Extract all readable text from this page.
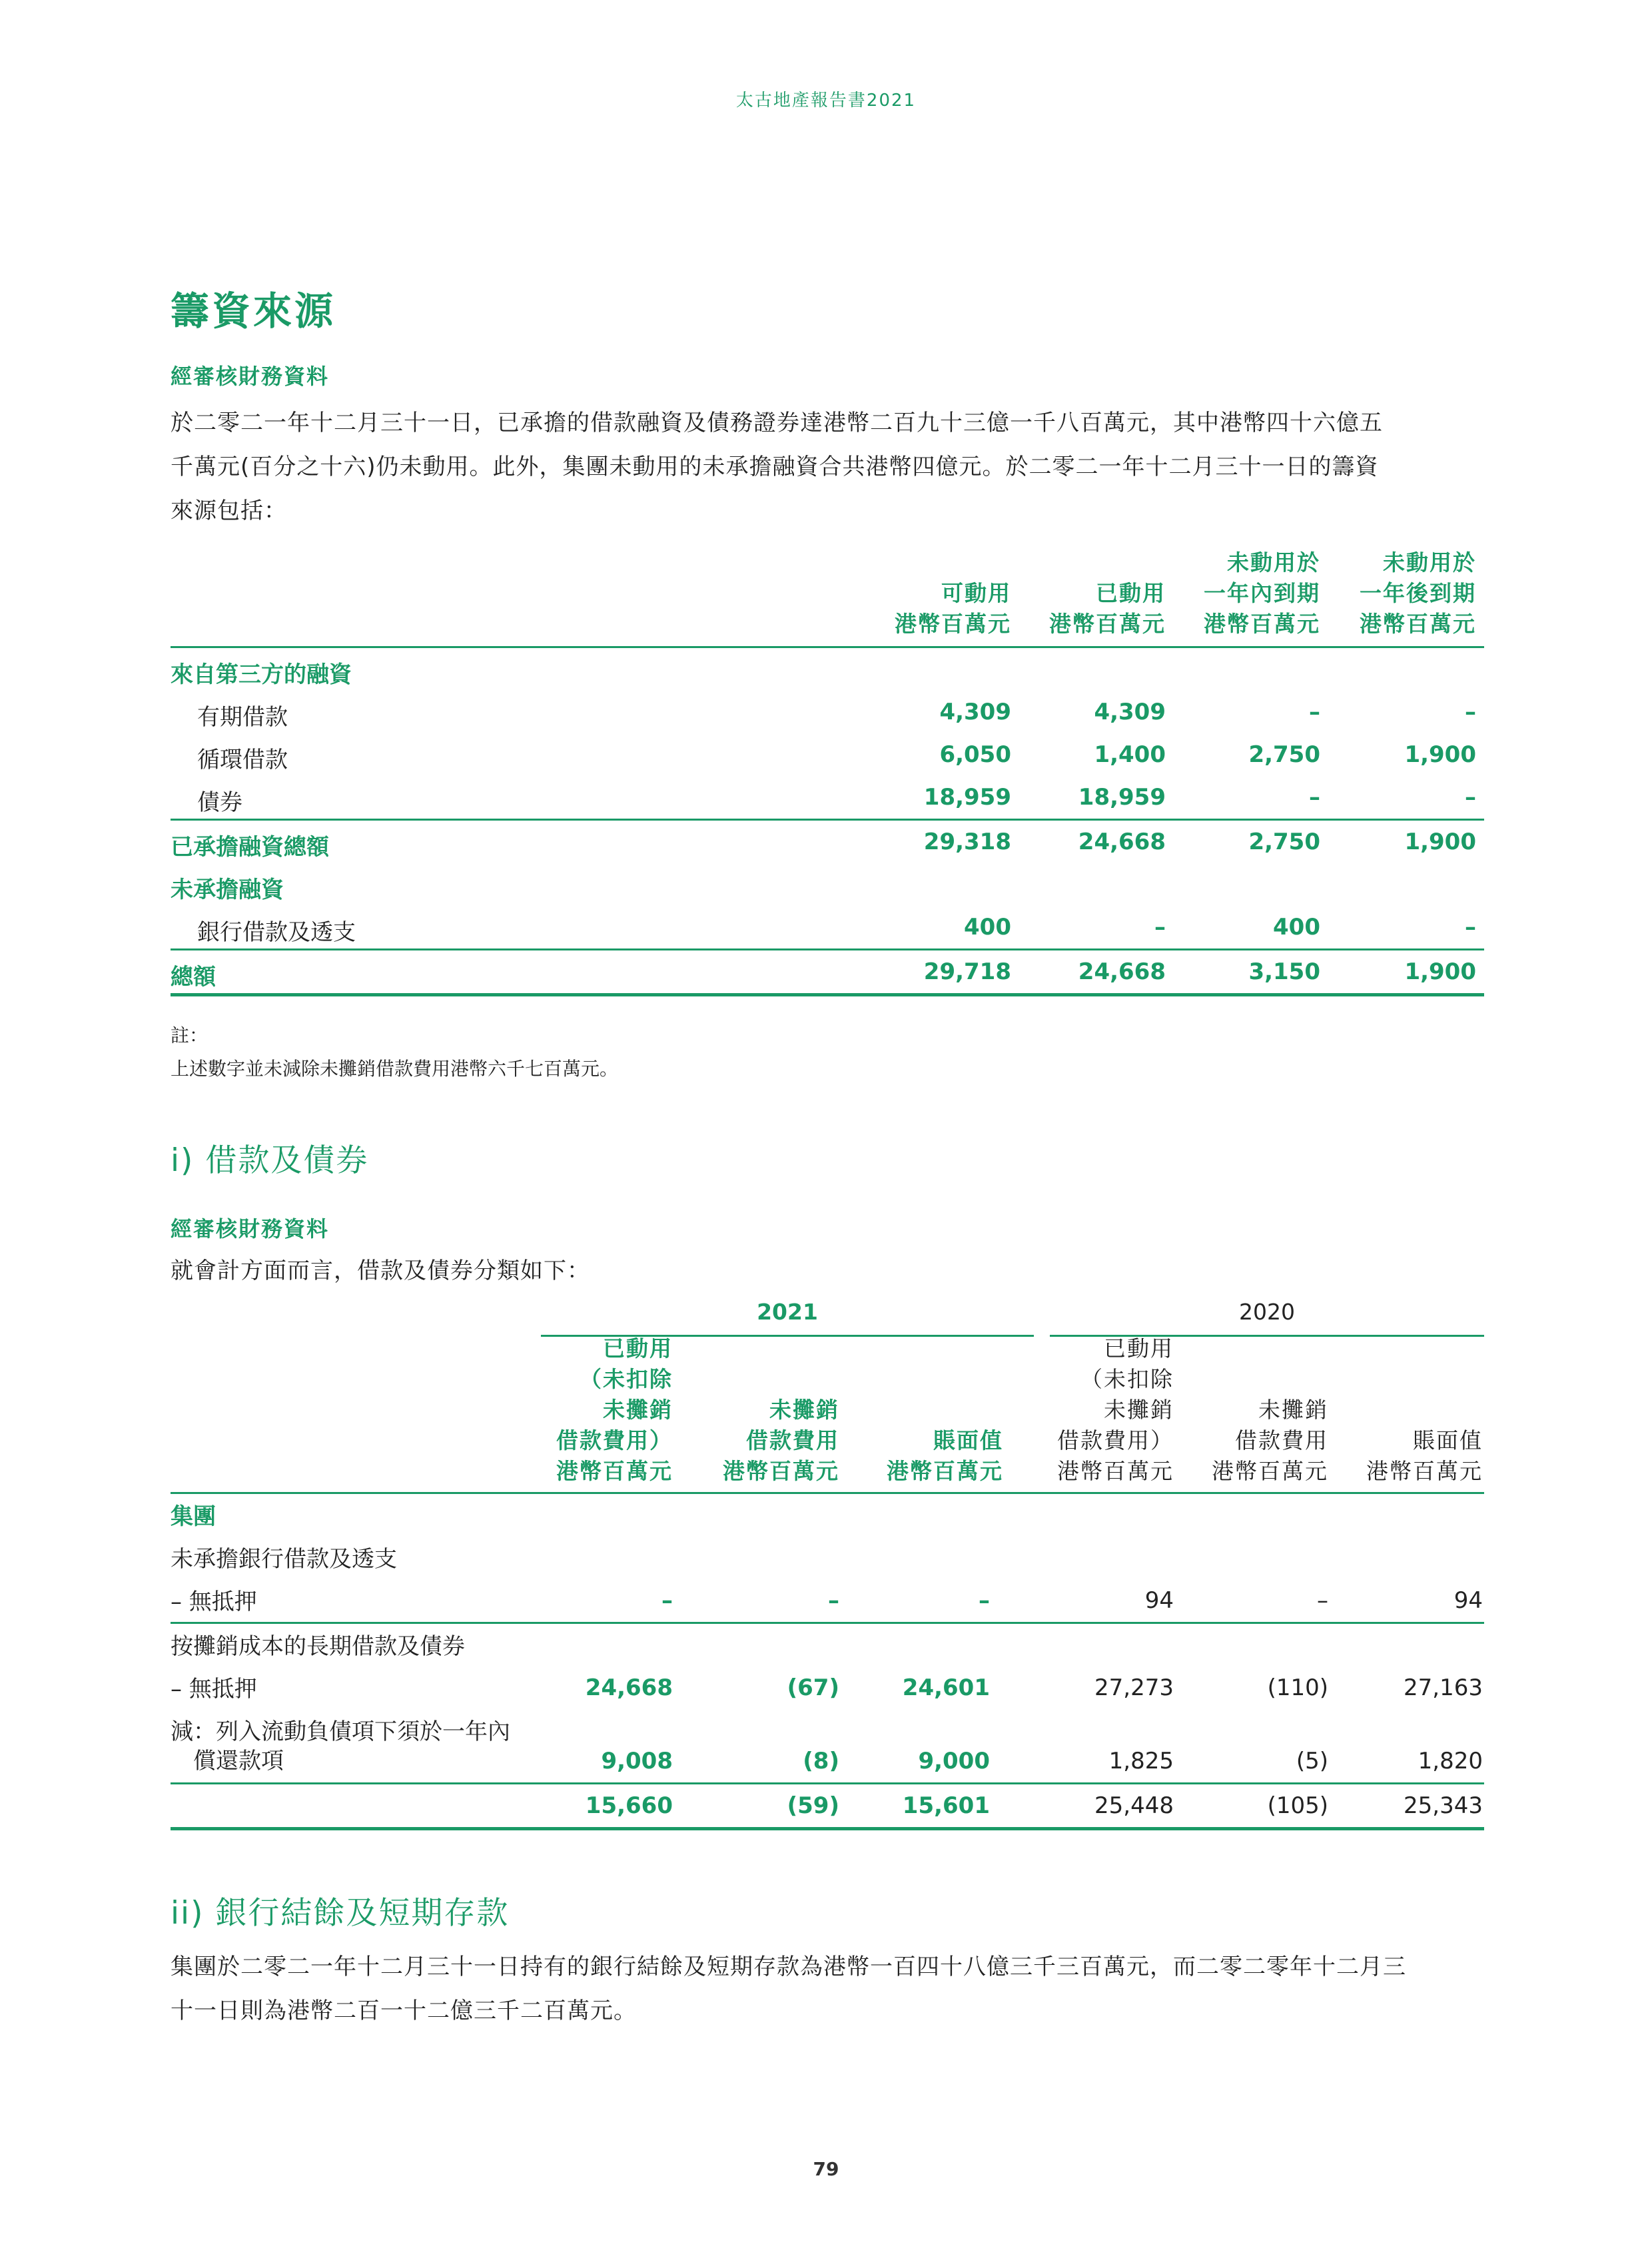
太古地產報告書2021
籌資來源
經審核財務資料
於二零二一年十二月三十一日，已承擔的借款融資及債務證券達港幣二百九十三億一千八百萬元，其中港幣四十六億五
千萬元(百分之十六)仍未動用。此外，集團未動用的未承擔融資合共港幣四億元。於二零二一年十二月三十一日的籌資
來源包括：
可動用
港幣百萬元
已動用
港幣百萬元
未動用於
一年內到期
港幣百萬元
未動用於
一年後到期
港幣百萬元
來自第三方的融資
有期借款	4,309	4,309	–	–
循環借款	6,050	1,400	2,750	1,900
債券	18,959	18,959	–	–
已承擔融資總額	29,318	24,668	2,750	1,900
未承擔融資
銀行借款及透支	400	–	400	–
總額	29,718	24,668	3,150	1,900
註：
上述數字並未減除未攤銷借款費用港幣六千七百萬元。
i) 借款及債券
經審核財務資料
就會計方面而言，借款及債券分類如下：
2021	2020
已動用
（未扣除
未攤銷
借款費用）
港幣百萬元
未攤銷
借款費用
港幣百萬元
賬面值
港幣百萬元
已動用
（未扣除
未攤銷
借款費用）
港幣百萬元
未攤銷
借款費用
港幣百萬元
賬面值
港幣百萬元
集團
未承擔銀行借款及透支
– 無抵押	–	–	–	94	–	94
按攤銷成本的長期借款及債券
– 無抵押	24,668	(67)	24,601	27,273	(110)	27,163
減：列入流動負債項下須於一年內
　償還款項	9,008	(8)	9,000	1,825	(5)	1,820
15,660	(59)	15,601	25,448	(105)	25,343
ii) 銀行結餘及短期存款
集團於二零二一年十二月三十一日持有的銀行結餘及短期存款為港幣一百四十八億三千三百萬元，而二零二零年十二月三
十一日則為港幣二百一十二億三千二百萬元。
79
